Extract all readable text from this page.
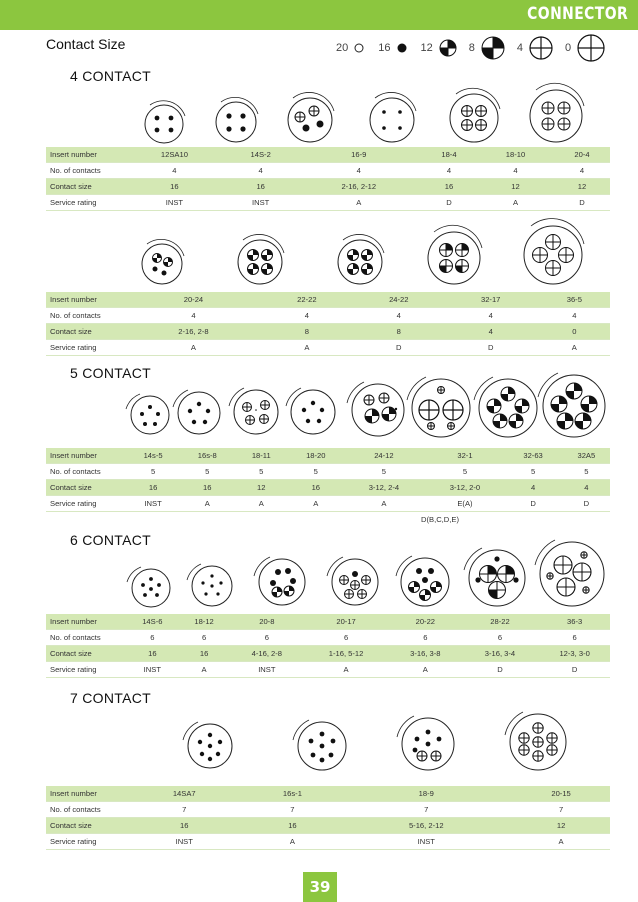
CONNECTOR
Contact Size	20	16	12	8	4	0
4 CONTACT
Insert number	12SA10	14S-2	16-9	18-4	18-10	20-4
No. of contacts	4	4	4	4	4	4
Contact size	16	16	2-16, 2-12	16	12	12
Service rating	INST	INST	A	D	A	D
Insert number	20-24	22-22	24-22	32-17	36-5
No. of contacts	4	4	4	4	4
Contact size	2-16, 2-8	8	8	4	0
Service rating	A	A	D	D	A
5 CONTACT
Insert number	14s-5	16s-8	18-11	18-20	24-12	32-1	32-63	32A5
No. of contacts	5	5	5	5	5	5	5	5
Contact size	16	16	12	16	3-12, 2-4	3-12, 2-0	4	4
Service rating	INST	A	A	A	A	E(A)	D	D
D(B,C,D,E)
6 CONTACT
Insert number	14S-6	18-12	20-8	20-17	20-22	28-22	36-3
No. of contacts	6	6	6	6	6	6	6
Contact size	16	16	4-16, 2-8	1-16, 5-12	3-16, 3-8	3-16, 3-4	12-3, 3-0
Service rating	INST	A	INST	A	A	D	D
7 CONTACT
Insert number	14SA7	16s-1	18-9	20-15
No. of contacts	7	7	7	7
Contact size	16	16	5-16, 2-12	12
Service rating	INST	A	INST	A
39
